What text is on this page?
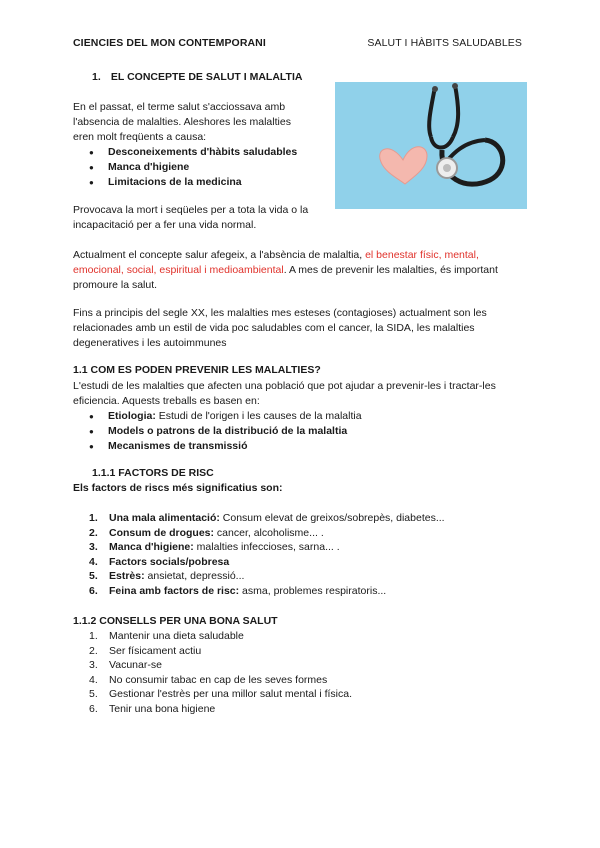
CIENCIES DEL MON CONTEMPORANI	SALUT I HÀBITS SALUDABLES
1. EL CONCEPTE DE SALUT I MALALTIA
En el passat, el terme salut s'acciossava amb
l'absencia de malalties. Aleshores les malalties
eren molt freqüents a causa:
● Desconeixements d'hàbits saludables
● Manca d'higiene
● Limitacions de la medicina
Provocava la mort i seqüeles per a tota la vida o la
incapacitació per a fer una vida normal.
Actualment el concepte salur afegeix, a l'absència de malaltia, el benestar físic, mental,
emocional, social, espiritual i medioambiental. A mes de prevenir les malalties, és important
promoure la salut.
Fins a principis del segle XX, les malalties mes esteses (contagioses) actualment son les
relacionades amb un estil de vida poc saludables com el cancer, la SIDA, les malalties
degeneratives i les autoimmunes
1.1 COM ES PODEN PREVENIR LES MALALTIES?
L'estudi de les malalties que afecten una població que pot ajudar a prevenir-les i tractar-les
eficiencia. Aquests treballs es basen en:
● Etiologia: Estudi de l'origen i les causes de la malaltia
● Models o patrons de la distribució de la malaltia
● Mecanismes de transmissió
1.1.1 FACTORS DE RISC
Els factors de riscs més significatius son:
1. Una mala alimentació: Consum elevat de greixos/sobrepès, diabetes...
2. Consum de drogues: cancer, alcoholisme... .
3. Manca d'higiene: malalties infeccioses, sarna... .
4. Factors socials/pobresa
5. Estrès: ansietat, depressió...
6. Feina amb factors de risc: asma, problemes respiratoris...
1.1.2 CONSELLS PER UNA BONA SALUT
1. Mantenir una dieta saludable
2. Ser físicament actiu
3. Vacunar-se
4. No consumir tabac en cap de les seves formes
5. Gestionar l'estrès per una millor salut mental i física.
6. Tenir una bona higiene
